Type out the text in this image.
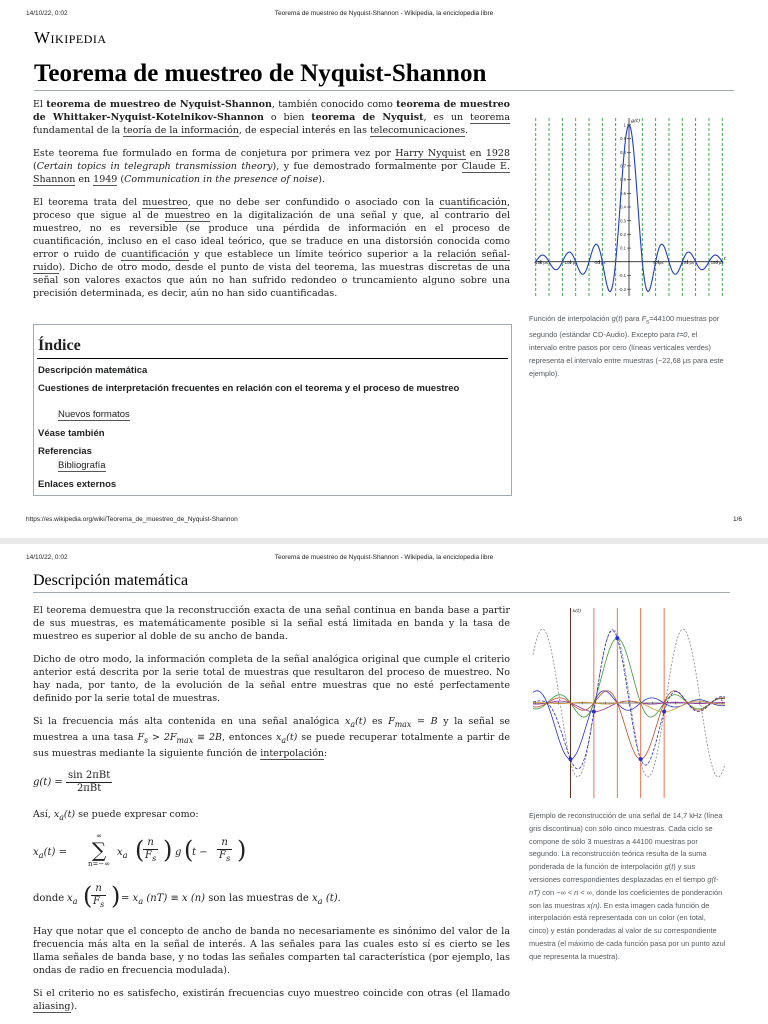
14/10/22, 0:02	Teorema de muestreo de Nyquist-Shannon - Wikipedia, la enciclopedia libre
Wikipedia
Teorema de muestreo de Nyquist-Shannon

El teorema de muestreo de Nyquist-Shannon, también conocido como teorema de muestreo de Whittaker-Nyquist-Kotelnikov-Shannon o bien teorema de Nyquist, es un teorema fundamental de la teoría de la información, de especial interés en las telecomunicaciones.

Este teorema fue formulado en forma de conjetura por primera vez por Harry Nyquist en 1928 (Certain topics in telegraph transmission theory), y fue demostrado formalmente por Claude E. Shannon en 1949 (Communication in the presence of noise).

El teorema trata del muestreo, que no debe ser confundido o asociado con la cuantificación, proceso que sigue al de muestreo en la digitalización de una señal y que, al contrario del muestreo, no es reversible (se produce una pérdida de información en el proceso de cuantificación, incluso en el caso ideal teórico, que se traduce en una distorsión conocida como error o ruido de cuantificación y que establece un límite teórico superior a la relación señal-ruido). Dicho de otro modo, desde el punto de vista del teorema, las muestras discretas de una señal son valores exactos que aún no han sufrido redondeo o truncamiento alguno sobre una precisión determinada, es decir, aún no han sido cuantificadas.

Índice
Descripción matemática
Cuestiones de interpretación frecuentes en relación con el teorema y el proceso de muestreo
Nuevos formatos
Véase también
Referencias
Bibliografía
Enlaces externos
1
0.9
0.8
0.7
0.6
0.5
0.4
0.3
0.2
0.1
-0.1
-0.2
-150 μs	-100 μs	-50 μs	50 μs	100 μs	150 μs
g(t)
t
Función de interpolación g(t) para $F_s=44100$ muestras por segundo (estándar CD-Audio). Excepto para t=0, el intervalo entre pasos por cero (líneas verticales verdes) representa el intervalo entre muestras (~22,68 μs para este ejemplo).
https://es.wikipedia.org/wiki/Teorema_de_muestreo_de_Nyquist-Shannon	1/6
14/10/22, 0:02	Teorema de muestreo de Nyquist-Shannon - Wikipedia, la enciclopedia libre
Descripción matemática

El teorema demuestra que la reconstrucción exacta de una señal continua en banda base a partir de sus muestras, es matemáticamente posible si la señal está limitada en banda y la tasa de muestreo es superior al doble de su ancho de banda.

Dicho de otro modo, la información completa de la señal analógica original que cumple el criterio anterior está descrita por la serie total de muestras que resultaron del proceso de muestreo. No hay nada, por tanto, de la evolución de la señal entre muestras que no esté perfectamente definido por la serie total de muestras.

Si la frecuencia más alta contenida en una señal analógica $x_a(t)$ es $F_{max} = B$ y la señal se muestrea a una tasa $F_s > 2F_{max} \equiv 2B$, entonces $x_a(t)$ se puede recuperar totalmente a partir de sus muestras mediante la siguiente función de interpolación:

$g(t) = \frac{\text{sin 2πBt}}{\text{2πBt}}$

Así, $x_a(t)$ se puede expresar como:

$x_a(t)$ =
∞
∑
n=−∞
$x_a$ (
$\frac{n}{F_s}$ ) g (
$t - \frac{n}{F_s}$ )
donde $x_a$ (
$\frac{n}{F_s}$ ) = $x_a$ (nT) ≡ x (n) son las muestras de $x_a$ (t).

Hay que notar que el concepto de ancho de banda no necesariamente es sinónimo del valor de la frecuencia más alta en la señal de interés. A las señales para las cuales esto sí es cierto se les llama señales de banda base, y no todas las señales comparten tal característica (por ejemplo, las ondas de radio en frecuencia modulada).

Si el criterio no es satisfecho, existirán frecuencias cuyo muestreo coincide con otras (el llamado aliasing).

x(t)
t
Ejemplo de reconstrucción de una señal de 14,7 kHz (línea gris discontinua) con sólo cinco muestras. Cada ciclo se compone de sólo 3 muestras a 44100 muestras por segundo. La reconstrucción teórica resulta de la suma ponderada de la función de interpolación g(t) y sus versiones correspondientes desplazadas en el tiempo g(t-nT) con −∞ < n < ∞, donde los coeficientes de ponderación son las muestras x(n). En esta imagen cada función de interpolación está representada con un color (en total, cinco) y están ponderadas al valor de su correspondiente muestra (el máximo de cada función pasa por un punto azul que representa la muestra).
